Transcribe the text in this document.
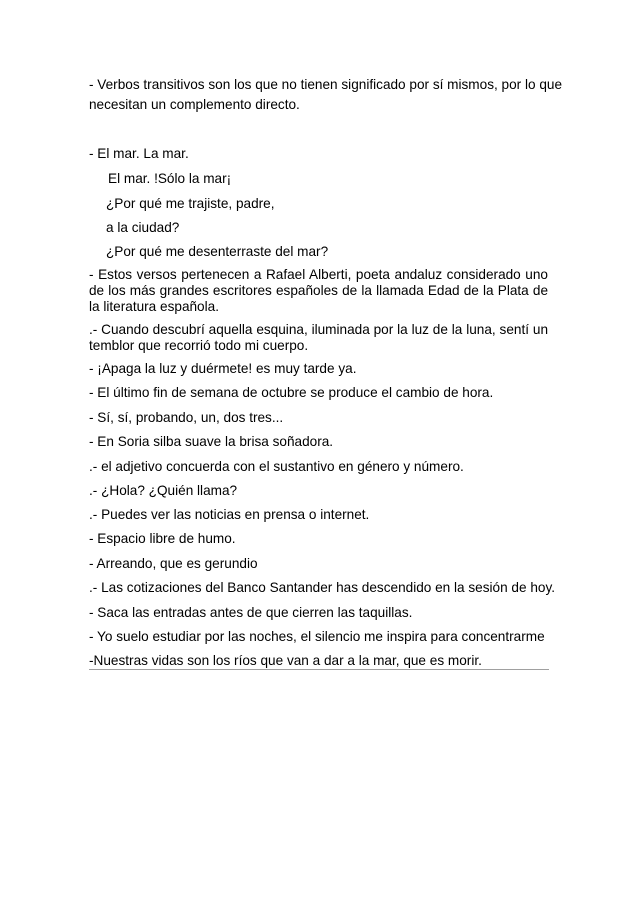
- Verbos transitivos son los que no tienen significado por sí mismos, por lo que
necesitan un complemento directo.
- El mar. La mar.
El mar. !Sólo la mar¡
¿Por qué me trajiste, padre,
a la ciudad?
¿Por qué me desenterraste del mar?
- Estos versos pertenecen a Rafael Alberti, poeta andaluz considerado uno de los más grandes escritores españoles de la llamada Edad de la Plata de la literatura española.
.- Cuando descubrí aquella esquina, iluminada por la luz de la luna, sentí un temblor que recorrió todo mi cuerpo.
- ¡Apaga la luz y duérmete! es muy tarde ya.
- El último fin de semana de octubre se produce el cambio de hora.
- Sí, sí, probando, un, dos tres...
- En Soria silba suave la brisa soñadora.
.- el adjetivo concuerda con el sustantivo en género y número.
.- ¿Hola? ¿Quién llama?
.- Puedes ver las noticias en prensa o internet.
- Espacio libre de humo.
- Arreando, que es gerundio
.- Las cotizaciones del Banco Santander has descendido en la sesión de hoy.
- Saca las entradas antes de que cierren las taquillas.
- Yo suelo estudiar por las noches, el silencio me inspira para concentrarme
-Nuestras vidas son los ríos que van a dar a la mar, que es morir.
